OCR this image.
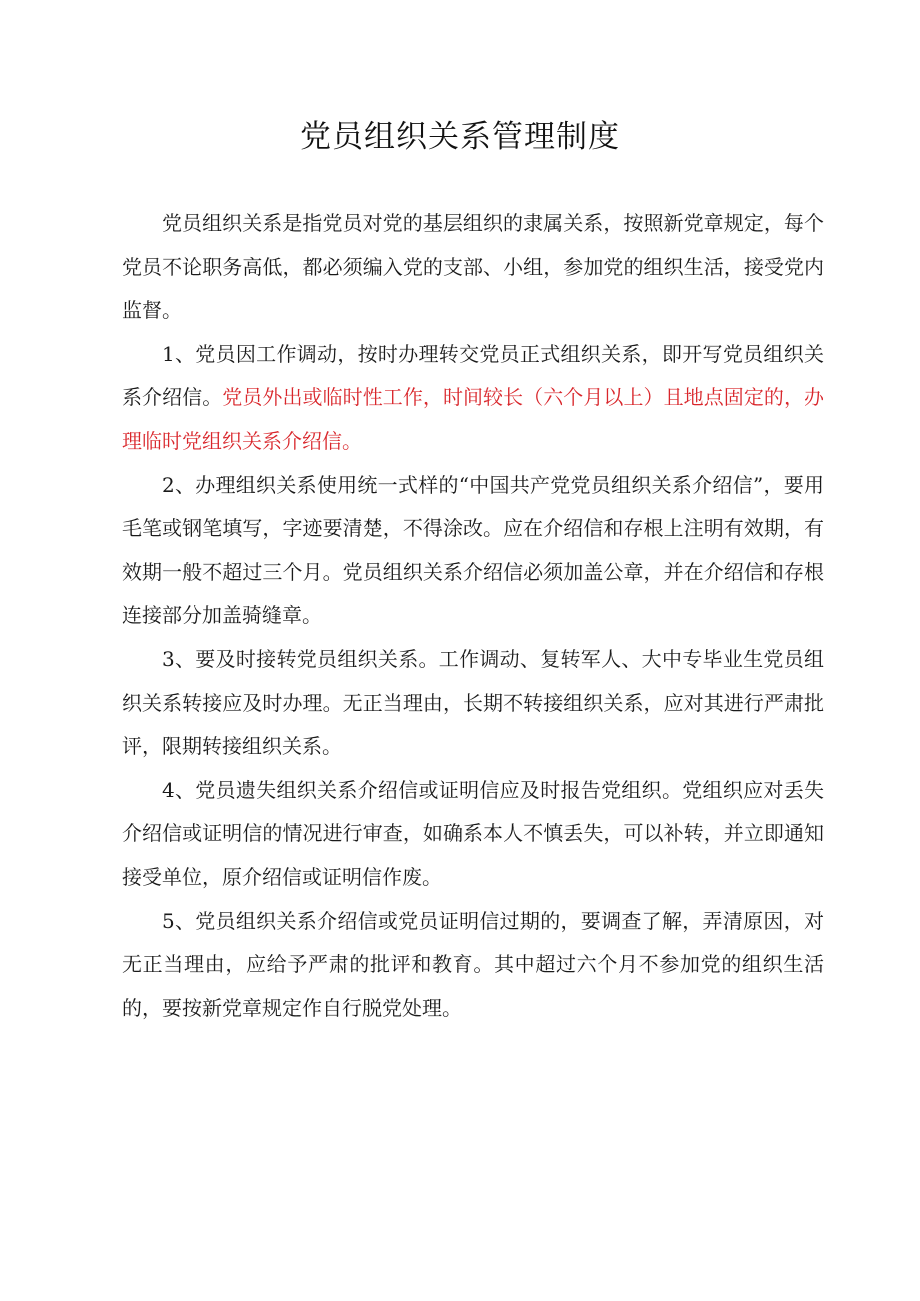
党员组织关系管理制度

党员组织关系是指党员对党的基层组织的隶属关系，按照新党章规定，每个党员不论职务高低，都必须编入党的支部、小组，参加党的组织生活，接受党内监督。

1、党员因工作调动，按时办理转交党员正式组织关系，即开写党员组织关系介绍信。党员外出或临时性工作，时间较长（六个月以上）且地点固定的，办理临时党组织关系介绍信。

2、办理组织关系使用统一式样的“中国共产党党员组织关系介绍信”，要用毛笔或钢笔填写，字迹要清楚，不得涂改。应在介绍信和存根上注明有效期，有效期一般不超过三个月。党员组织关系介绍信必须加盖公章，并在介绍信和存根连接部分加盖骑缝章。

3、要及时接转党员组织关系。工作调动、复转军人、大中专毕业生党员组织关系转接应及时办理。无正当理由，长期不转接组织关系，应对其进行严肃批评，限期转接组织关系。

4、党员遗失组织关系介绍信或证明信应及时报告党组织。党组织应对丢失介绍信或证明信的情况进行审查，如确系本人不慎丢失，可以补转，并立即通知接受单位，原介绍信或证明信作废。

5、党员组织关系介绍信或党员证明信过期的，要调查了解，弄清原因，对无正当理由，应给予严肃的批评和教育。其中超过六个月不参加党的组织生活的，要按新党章规定作自行脱党处理。
